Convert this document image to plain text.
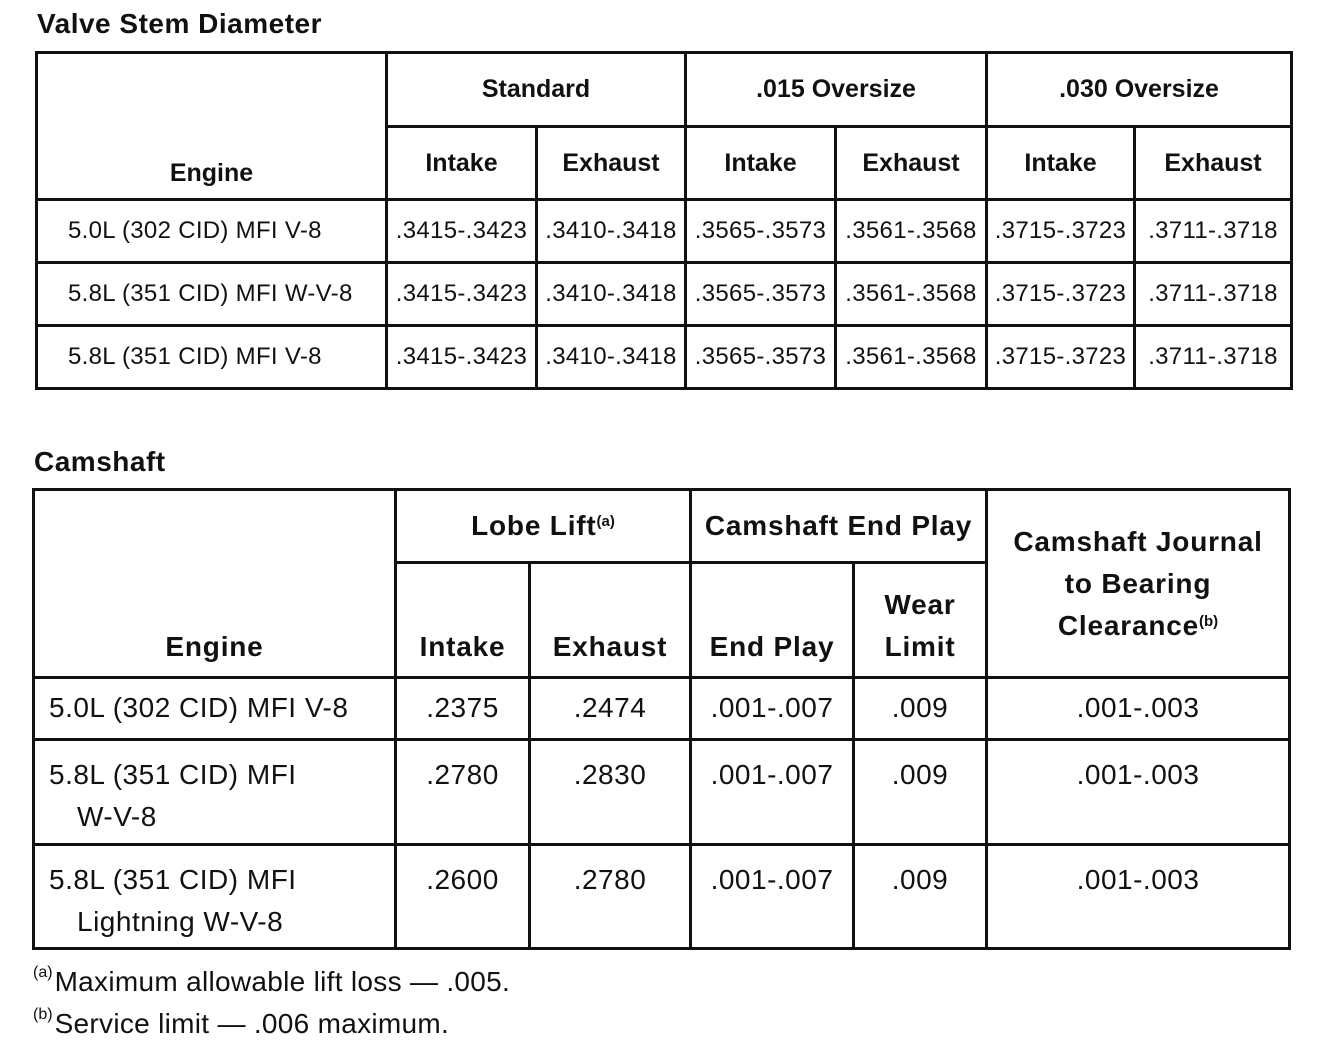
Valve Stem Diameter
Engine	Standard		.015 Oversize		.030 Oversize	
	Intake	Exhaust	Intake	Exhaust	Intake	Exhaust
5.0L (302 CID) MFI V-8	.3415-.3423	.3410-.3418	.3565-.3573	.3561-.3568	.3715-.3723	.3711-.3718
5.8L (351 CID) MFI W-V-8	.3415-.3423	.3410-.3418	.3565-.3573	.3561-.3568	.3715-.3723	.3711-.3718
5.8L (351 CID) MFI V-8	.3415-.3423	.3410-.3418	.3565-.3573	.3561-.3568	.3715-.3723	.3711-.3718
Camshaft
Engine	Lobe Lift$^{(a)}$		Camshaft End Play		Camshaft Journal
to Bearing
Clearance$^{(b)}$
	Intake	Exhaust	End Play	Wear
Limit	
5.0L (302 CID) MFI V-8	.2375	.2474	.001-.007	.009	.001-.003
5.8L (351 CID) MFI
W-V-8	.2780	.2830	.001-.007	.009	.001-.003
5.8L (351 CID) MFI
Lightning W-V-8	.2600	.2780	.001-.007	.009	.001-.003
$^{(a)}$Maximum allowable lift loss — .005.
$^{(b)}$Service limit — .006 maximum.
